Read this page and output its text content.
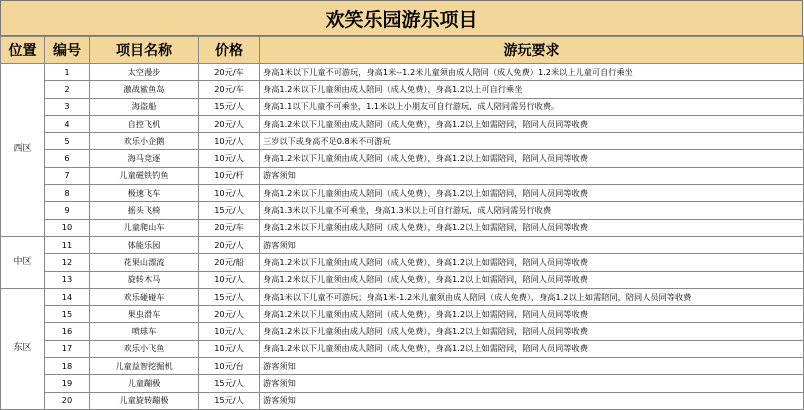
欢笑乐园游乐项目
位置	编号	项目名称	价格	游玩要求
西区	1	太空漫步	20元/车	身高1米以下儿童不可游玩，身高1米--1.2米儿童须由成人陪同（成人免费）1.2米以上儿童可自行乘坐
	2	激战鲨鱼岛	20元/车	身高1.2米以下儿童须由成人陪同（成人免费），身高1.2以上可自行乘坐
	3	海盗船	15元/人	身高1.1以下儿童不可乘坐，1.1米以上小朋友可自行游玩，成人陪同需另行收费。
	4	自控飞机	20元/人	身高1.2米以下儿童须由成人陪同（成人免费），身高1.2以上如需陪同，陪同人员同等收费
	5	欢乐小企鹅	10元/人	三岁以下或身高不足0.8米不可游玩
	6	海马竞逐	10元/人	身高1.2米以下儿童须由成人陪同（成人免费），身高1.2以上如需陪同，陪同人员同等收费
	7	儿童磁铁钓鱼	10元/杆	游客须知
	8	极速飞车	10元/人	身高1.2米以下儿童须由成人陪同（成人免费），身高1.2以上如需陪同，陪同人员同等收费
	9	摇头飞椅	15元/人	身高1.3米以下儿童不可乘坐，身高1.3米以上可自行游玩，成人陪同需另行收费
	10	儿童爬山车	20元/车	身高1.2米以下儿童须由成人陪同（成人免费），身高1.2以上如需陪同，陪同人员同等收费
中区	11	体能乐园	20元/人	游客须知
	12	花果山漂流	20元/船	身高1.2米以下儿童须由成人陪同（成人免费），身高1.2以上如需陪同，陪同人员同等收费
	13	旋转木马	10元/人	身高1.2米以下儿童须由成人陪同（成人免费），身高1.2以上如需陪同，陪同人员同等收费
东区	14	欢乐碰碰车	15元/人	身高1米以下儿童不可游玩；身高1米-1.2米儿童须由成人陪同（成人免费），身高1.2以上如需陪同，陪同人员同等收费
	15	果虫滑车	20元/人	身高1.2米以下儿童须由成人陪同（成人免费），身高1.2以上如需陪同，陪同人员同等收费
	16	喷球车	10元/人	身高1.2米以下儿童须由成人陪同（成人免费），身高1.2以上如需陪同，陪同人员同等收费
	17	欢乐小飞鱼	10元/人	身高1.2米以下儿童须由成人陪同（成人免费），身高1.2以上如需陪同，陪同人员同等收费
	18	儿童益智挖掘机	10元/台	游客须知
	19	儿童蹦极	15元/人	游客须知
	20	儿童旋转蹦极	15元/人	游客须知
